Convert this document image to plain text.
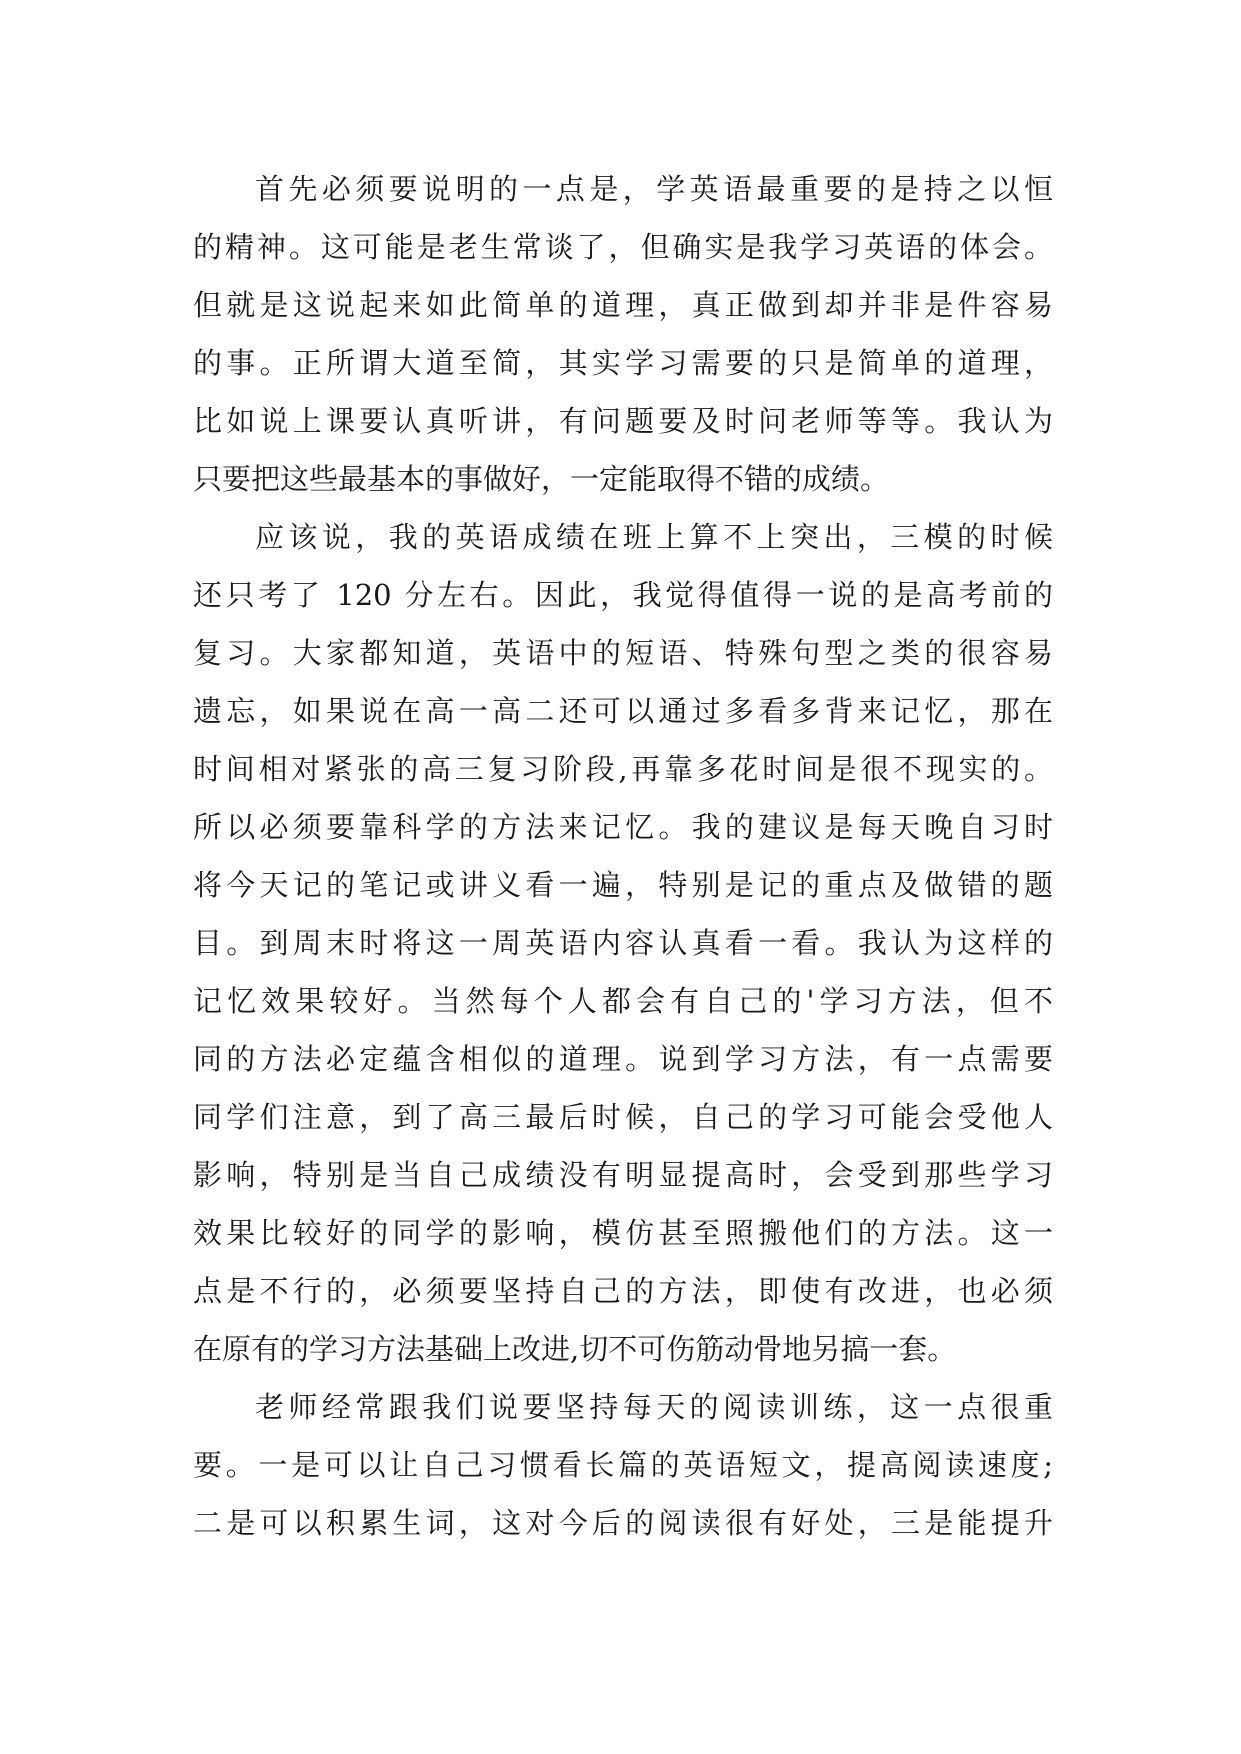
首先必须要说明的一点是，学英语最重要的是持之以恒
的精神。这可能是老生常谈了，但确实是我学习英语的体会。
但就是这说起来如此简单的道理，真正做到却并非是件容易
的事。正所谓大道至简，其实学习需要的只是简单的道理，
比如说上课要认真听讲，有问题要及时问老师等等。我认为
只要把这些最基本的事做好，一定能取得不错的成绩。
应该说，我的英语成绩在班上算不上突出，三模的时候
还只考了 120 分左右。因此，我觉得值得一说的是高考前的
复习。大家都知道，英语中的短语、特殊句型之类的很容易
遗忘，如果说在高一高二还可以通过多看多背来记忆，那在
时间相对紧张的高三复习阶段,再靠多花时间是很不现实的。
所以必须要靠科学的方法来记忆。我的建议是每天晚自习时
将今天记的笔记或讲义看一遍，特别是记的重点及做错的题
目。到周末时将这一周英语内容认真看一看。我认为这样的
记忆效果较好。当然每个人都会有自己的'学习方法，但不
同的方法必定蕴含相似的道理。说到学习方法，有一点需要
同学们注意，到了高三最后时候，自己的学习可能会受他人
影响，特别是当自己成绩没有明显提高时，会受到那些学习
效果比较好的同学的影响，模仿甚至照搬他们的方法。这一
点是不行的，必须要坚持自己的方法，即使有改进，也必须
在原有的学习方法基础上改进,切不可伤筋动骨地另搞一套。
老师经常跟我们说要坚持每天的阅读训练，这一点很重
要。一是可以让自己习惯看长篇的英语短文，提高阅读速度;
二是可以积累生词，这对今后的阅读很有好处，三是能提升
